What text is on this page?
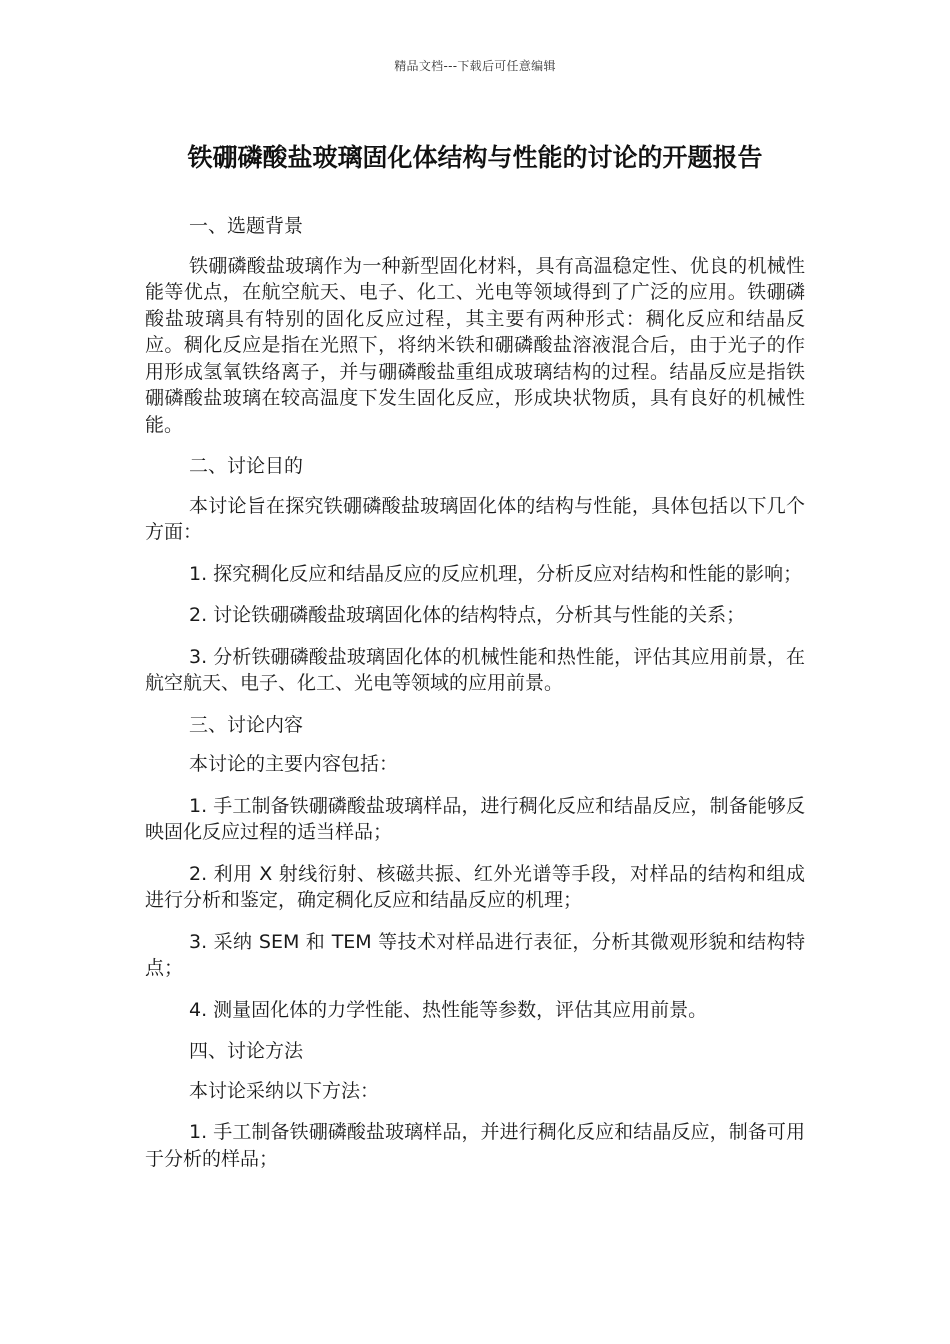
精品文档---下载后可任意编辑
铁硼磷酸盐玻璃固化体结构与性能的讨论的开题报告

一、选题背景

铁硼磷酸盐玻璃作为一种新型固化材料，具有高温稳定性、优良的机械性能等优点，在航空航天、电子、化工、光电等领域得到了广泛的应用。铁硼磷酸盐玻璃具有特别的固化反应过程，其主要有两种形式：稠化反应和结晶反应。稠化反应是指在光照下，将纳米铁和硼磷酸盐溶液混合后，由于光子的作用形成氢氧铁络离子，并与硼磷酸盐重组成玻璃结构的过程。结晶反应是指铁硼磷酸盐玻璃在较高温度下发生固化反应，形成块状物质，具有良好的机械性能。

二、讨论目的

本讨论旨在探究铁硼磷酸盐玻璃固化体的结构与性能，具体包括以下几个方面：

1. 探究稠化反应和结晶反应的反应机理，分析反应对结构和性能的影响；

2. 讨论铁硼磷酸盐玻璃固化体的结构特点，分析其与性能的关系；

3. 分析铁硼磷酸盐玻璃固化体的机械性能和热性能，评估其应用前景，在航空航天、电子、化工、光电等领域的应用前景。

三、讨论内容

本讨论的主要内容包括：

1. 手工制备铁硼磷酸盐玻璃样品，进行稠化反应和结晶反应，制备能够反映固化反应过程的适当样品；

2. 利用 X 射线衍射、核磁共振、红外光谱等手段，对样品的结构和组成进行分析和鉴定，确定稠化反应和结晶反应的机理；

3. 采纳 SEM 和 TEM 等技术对样品进行表征，分析其微观形貌和结构特点；

4. 测量固化体的力学性能、热性能等参数，评估其应用前景。

四、讨论方法

本讨论采纳以下方法：

1. 手工制备铁硼磷酸盐玻璃样品，并进行稠化反应和结晶反应，制备可用于分析的样品；
